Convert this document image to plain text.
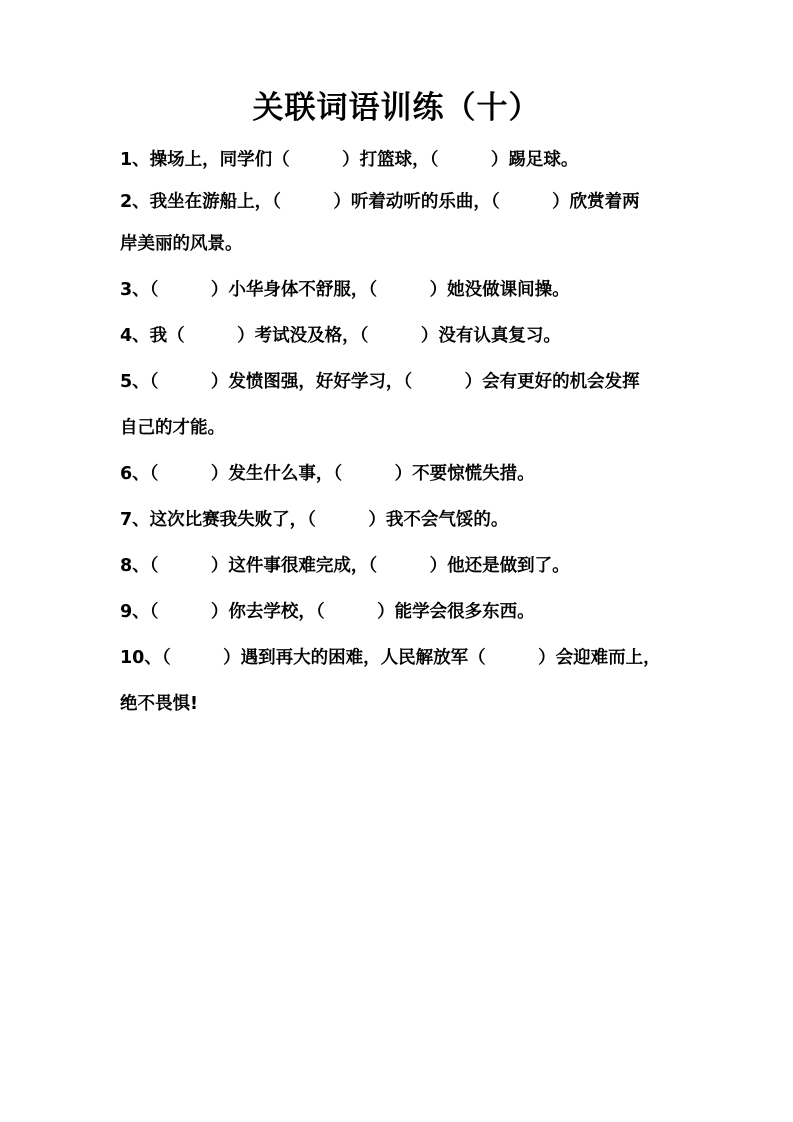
关联词语训练（十）

1、操场上，同学们（　　　）打篮球，（　　　）踢足球。

2、我坐在游船上，（　　　）听着动听的乐曲，（　　　）欣赏着两

岸美丽的风景。

3、（　　　）小华身体不舒服，（　　　）她没做课间操。

4、我（　　　）考试没及格，（　　　）没有认真复习。

5、（　　　）发愤图强，好好学习，（　　　）会有更好的机会发挥

自己的才能。

6、（　　　）发生什么事，（　　　）不要惊慌失措。

7、这次比赛我失败了，（　　　）我不会气馁的。

8、（　　　）这件事很难完成，（　　　）他还是做到了。

9、（　　　）你去学校，（　　　）能学会很多东西。

10、（　　　）遇到再大的困难，人民解放军（　　　）会迎难而上，

绝不畏惧!
